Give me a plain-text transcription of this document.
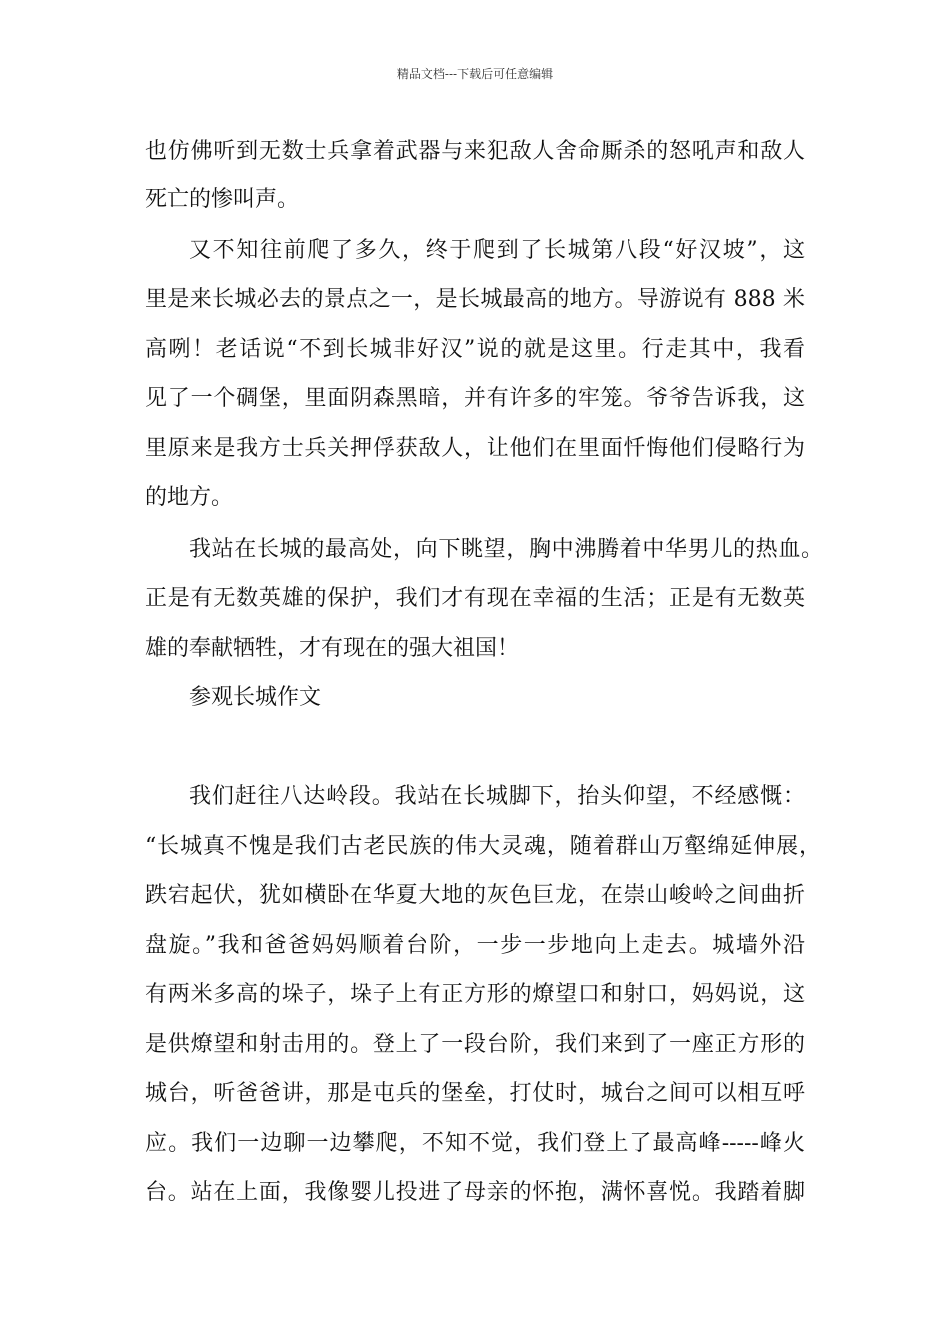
精品文档---下载后可任意编辑
也仿佛听到无数士兵拿着武器与来犯敌人舍命厮杀的怒吼声和敌人
死亡的惨叫声。
又不知往前爬了多久，终于爬到了长城第八段“好汉坡”，这
里是来长城必去的景点之一，是长城最高的地方。导游说有 888 米
高咧！老话说“不到长城非好汉”说的就是这里。行走其中，我看
见了一个碉堡，里面阴森黑暗，并有许多的牢笼。爷爷告诉我，这
里原来是我方士兵关押俘获敌人，让他们在里面忏悔他们侵略行为
的地方。
我站在长城的最高处，向下眺望，胸中沸腾着中华男儿的热血。
正是有无数英雄的保护，我们才有现在幸福的生活；正是有无数英
雄的奉献牺牲，才有现在的强大祖国！
参观长城作文
我们赶往八达岭段。我站在长城脚下，抬头仰望，不经感慨：
“长城真不愧是我们古老民族的伟大灵魂，随着群山万壑绵延伸展，
跌宕起伏，犹如横卧在华夏大地的灰色巨龙，在崇山峻岭之间曲折
盘旋。”我和爸爸妈妈顺着台阶，一步一步地向上走去。城墙外沿
有两米多高的垛子，垛子上有正方形的燎望口和射口，妈妈说，这
是供燎望和射击用的。登上了一段台阶，我们来到了一座正方形的
城台，听爸爸讲，那是屯兵的堡垒，打仗时，城台之间可以相互呼
应。我们一边聊一边攀爬，不知不觉，我们登上了最高峰-----峰火
台。站在上面，我像婴儿投进了母亲的怀抱，满怀喜悦。我踏着脚
